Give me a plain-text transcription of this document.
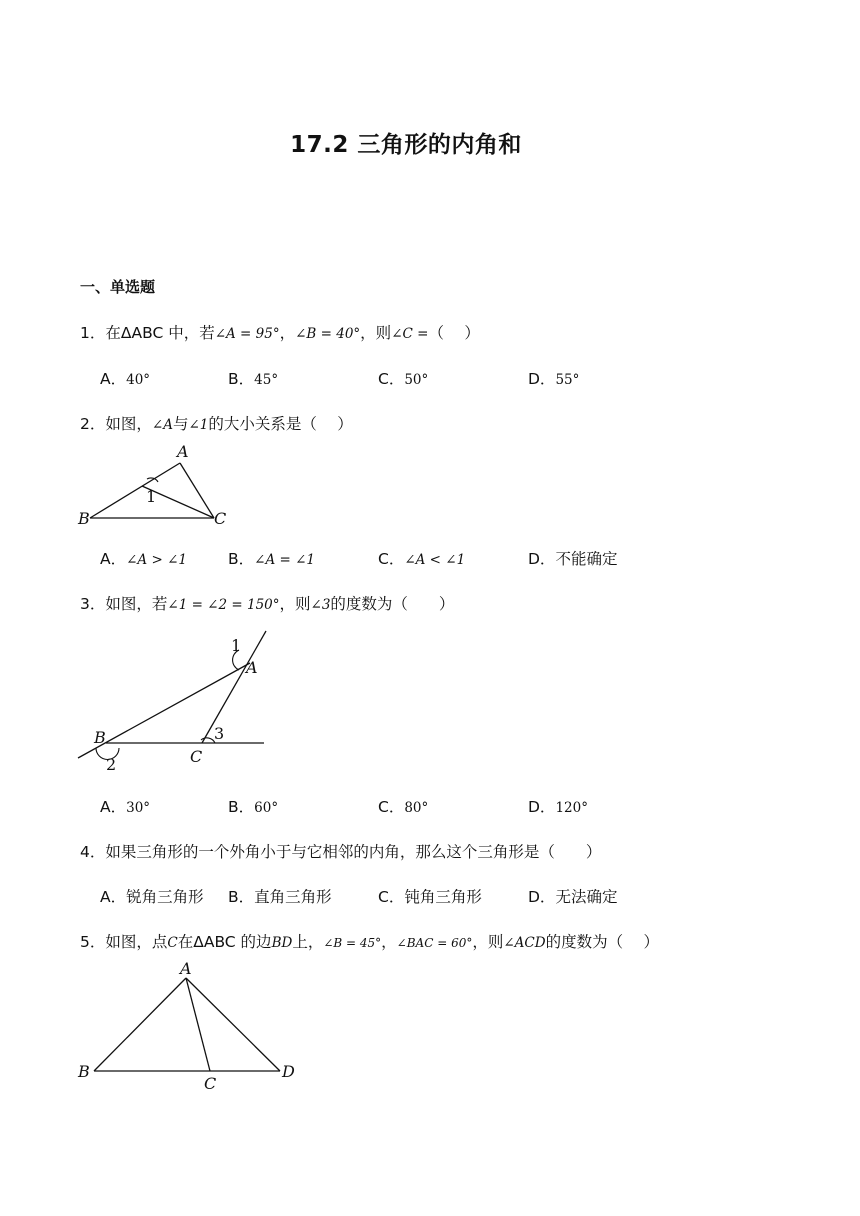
17.2 三角形的内角和
一、单选题
1．在ΔABC 中，若∠A = 95°，∠B = 40°，则∠C =（　 ）
A．40°	B．45°	C．50°	D．55°
2．如图，∠A与∠1的大小关系是（　 ）
A
B	C
1
A．∠A > ∠1	B．∠A = ∠1	C．∠A < ∠1	D．不能确定
3．如图，若∠1 = ∠2 = 150°，则∠3的度数为（　　）
A
B
C
1
2
3
A．30°	B．60°	C．80°	D．120°
4．如果三角形的一个外角小于与它相邻的内角，那么这个三角形是（　　）
A．锐角三角形 B．直角三角形	C．钝角三角形	D．无法确定
5．如图，点C在ΔABC 的边BD上，∠B = 45°，∠BAC = 60°，则∠ACD的度数为（　 ）
A
B
C
D
